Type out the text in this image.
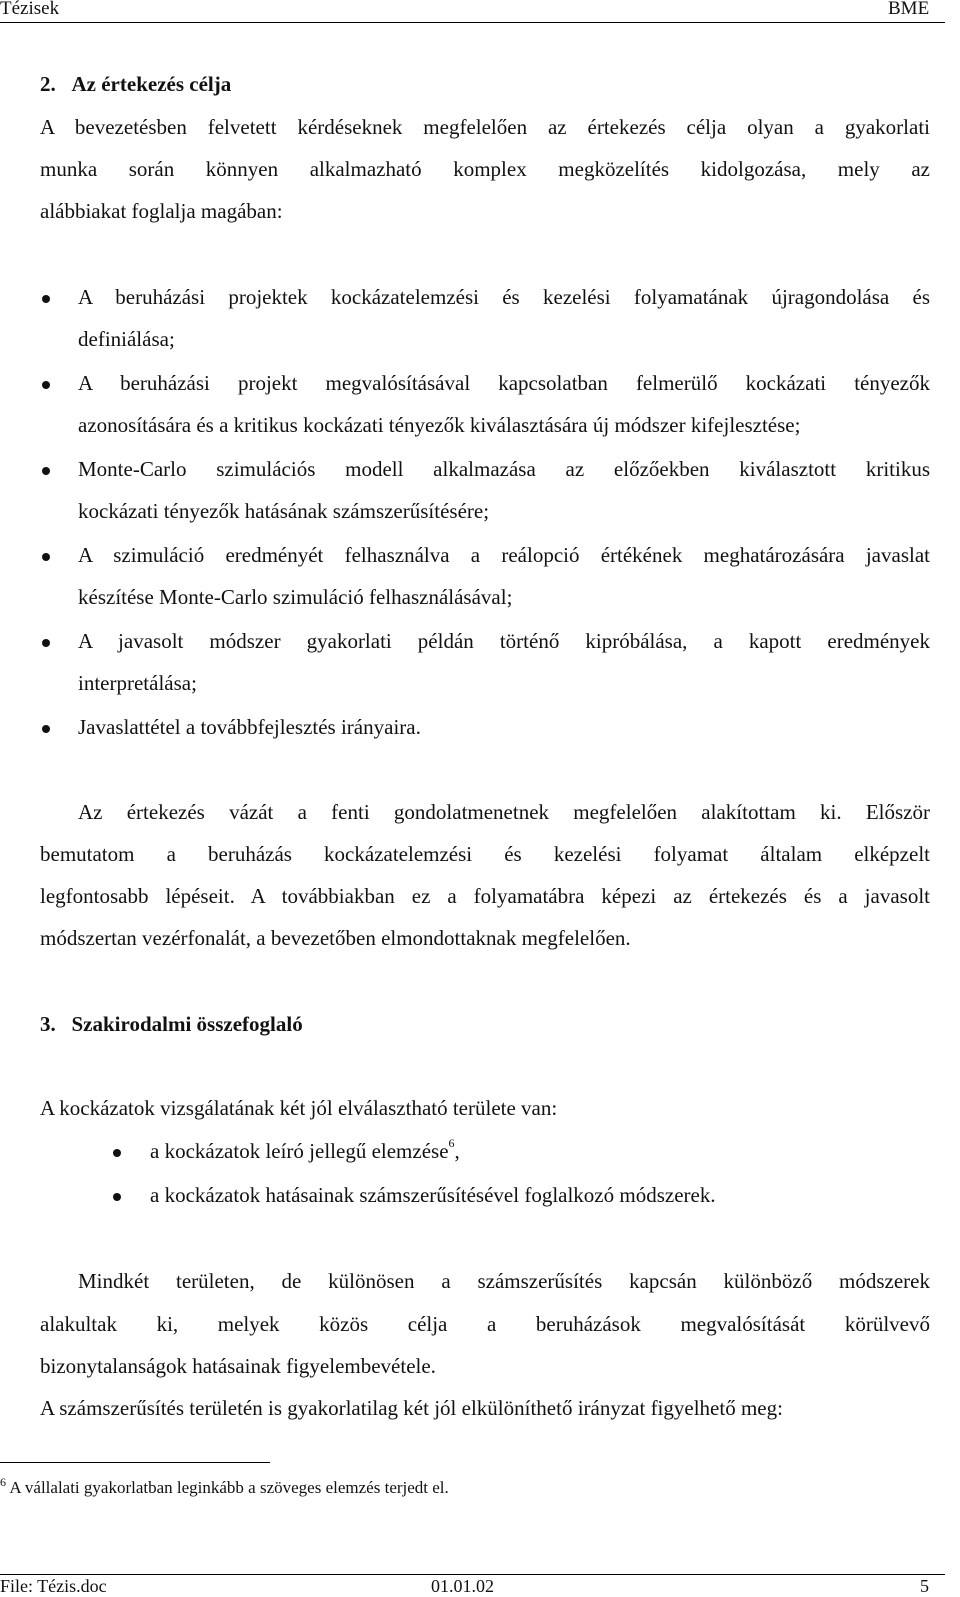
Tézisek	BME
2. Az értekezés célja
A bevezetésben felvetett kérdéseknek megfelelően az értekezés célja olyan a gyakorlati
munka során könnyen alkalmazható komplex megközelítés kidolgozása, mely az
alábbiakat foglalja magában:
A beruházási projektek kockázatelemzési és kezelési folyamatának újragondolása és
definiálása;
A beruházási projekt megvalósításával kapcsolatban felmerülő kockázati tényezők
azonosítására és a kritikus kockázati tényezők kiválasztására új módszer kifejlesztése;
Monte-Carlo szimulációs modell alkalmazása az előzőekben kiválasztott kritikus
kockázati tényezők hatásának számszerűsítésére;
A szimuláció eredményét felhasználva a reálopció értékének meghatározására javaslat
készítése Monte-Carlo szimuláció felhasználásával;
A javasolt módszer gyakorlati példán történő kipróbálása, a kapott eredmények
interpretálása;
Javaslattétel a továbbfejlesztés irányaira.
Az értekezés vázát a fenti gondolatmenetnek megfelelően alakítottam ki. Először
bemutatom a beruházás kockázatelemzési és kezelési folyamat általam elképzelt
legfontosabb lépéseit. A továbbiakban ez a folyamatábra képezi az értekezés és a javasolt
módszertan vezérfonalát, a bevezetőben elmondottaknak megfelelően.
3. Szakirodalmi összefoglaló
A kockázatok vizsgálatának két jól elválasztható területe van:
a kockázatok leíró jellegű elemzése$^6$,
a kockázatok hatásainak számszerűsítésével foglalkozó módszerek.
Mindkét területen, de különösen a számszerűsítés kapcsán különböző módszerek
alakultak ki, melyek közös célja a beruházások megvalósítását körülvevő
bizonytalanságok hatásainak figyelembevétele.
A számszerűsítés területén is gyakorlatilag két jól elkülöníthető irányzat figyelhető meg:
$^6$ A vállalati gyakorlatban leginkább a szöveges elemzés terjedt el.
File: Tézis.doc	01.01.02	5
